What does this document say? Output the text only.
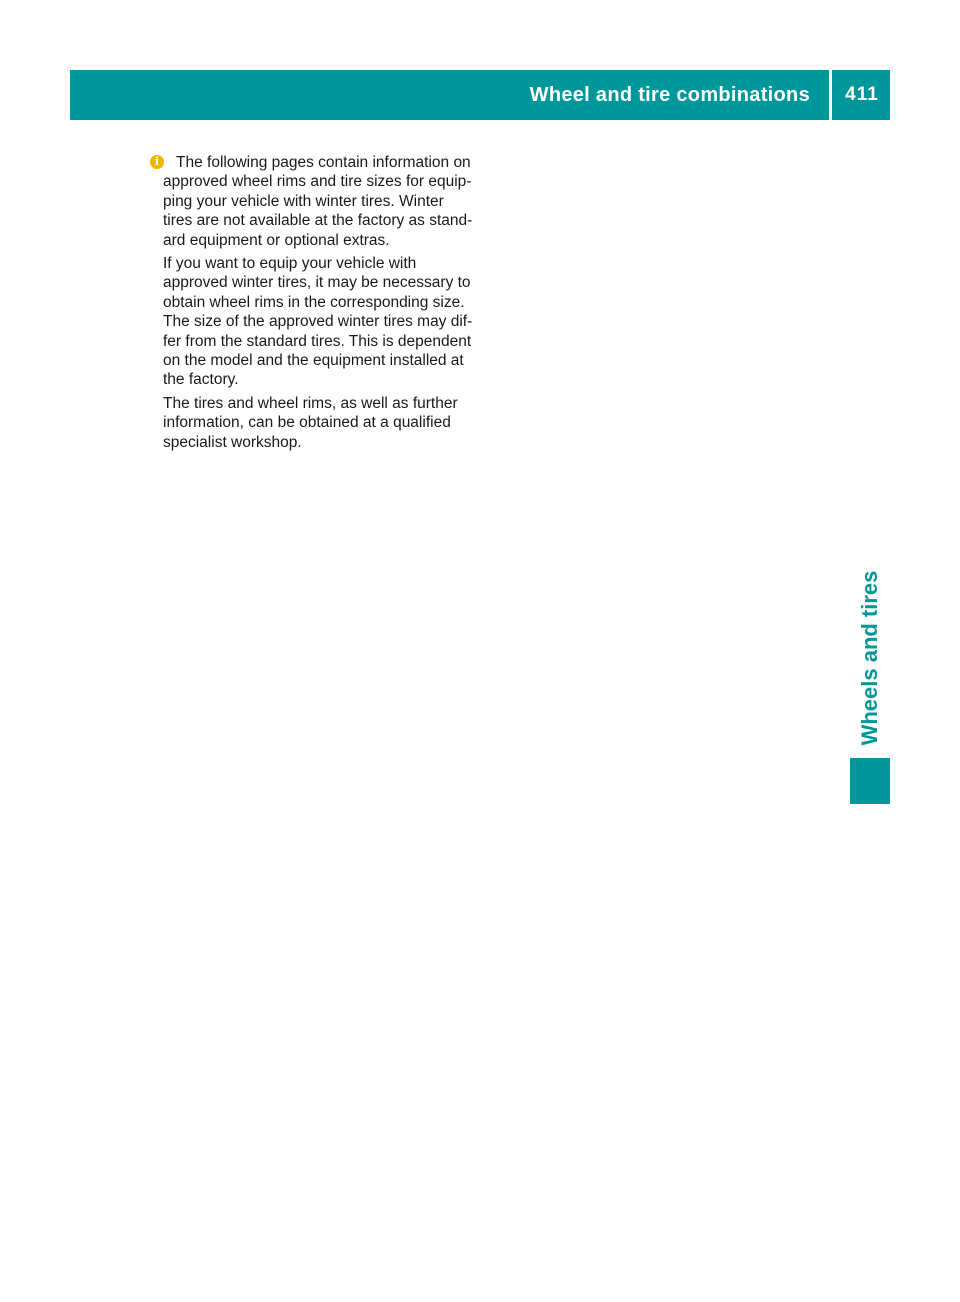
Wheel and tire combinations	411
Wheels and tires
i	The following pages contain information on
approved wheel rims and tire sizes for equip-
ping your vehicle with winter tires. Winter
tires are not available at the factory as stand-
ard equipment or optional extras.

If you want to equip your vehicle with
approved winter tires, it may be necessary to
obtain wheel rims in the corresponding size.
The size of the approved winter tires may dif-
fer from the standard tires. This is dependent
on the model and the equipment installed at
the factory.

The tires and wheel rims, as well as further
information, can be obtained at a qualified
specialist workshop.
